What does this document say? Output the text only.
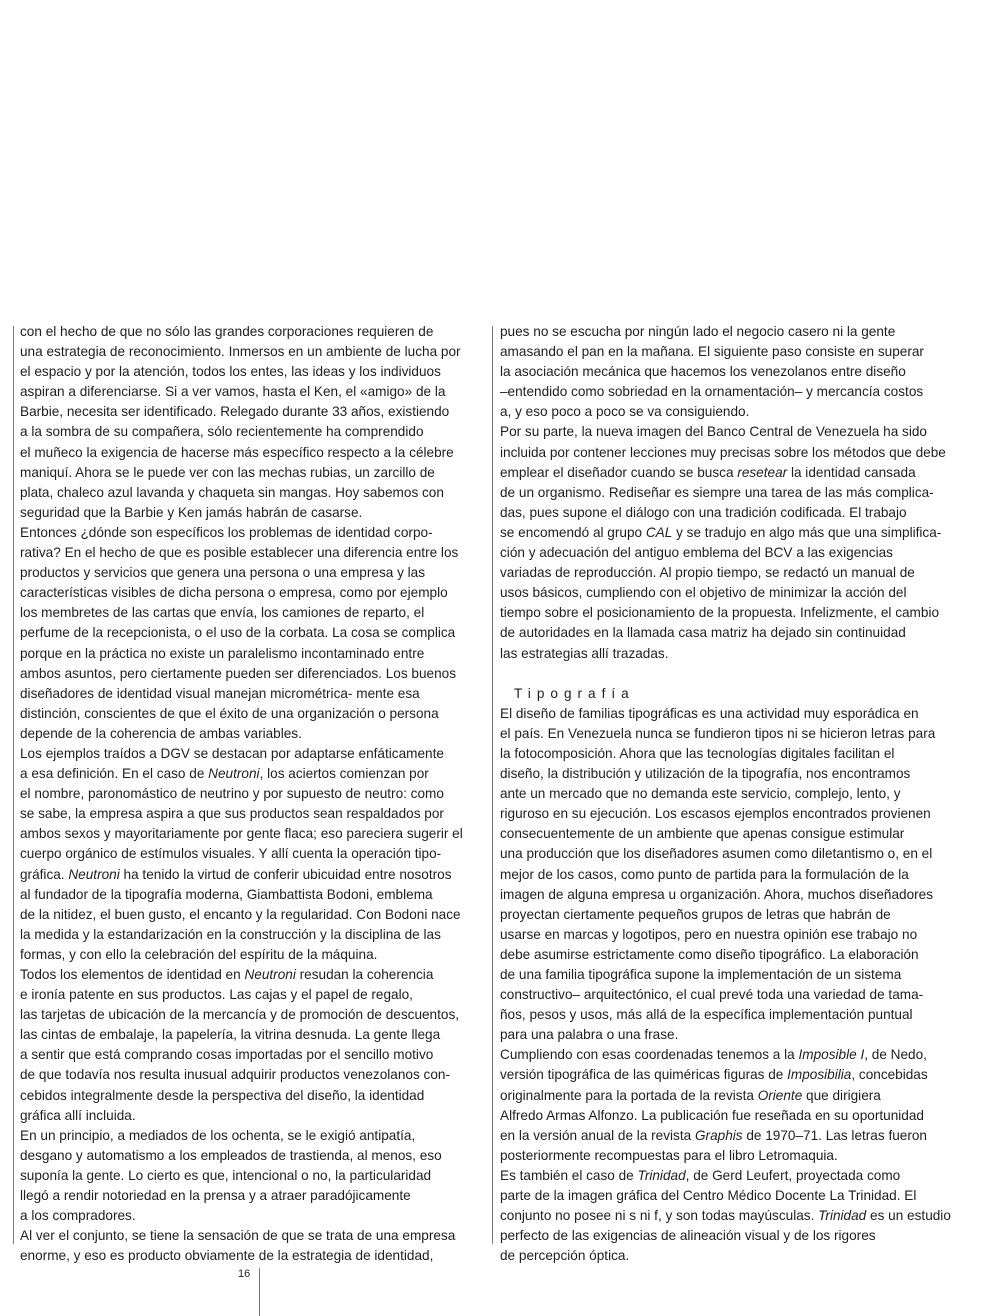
con el hecho de que no sólo las grandes corporaciones requieren de
una estrategia de reconocimiento. Inmersos en un ambiente de lucha por
el espacio y por la atención, todos los entes, las ideas y los individuos
aspiran a diferenciarse. Si a ver vamos, hasta el Ken, el «amigo» de la
Barbie, necesita ser identificado. Relegado durante 33 años, existiendo
a la sombra de su compañera, sólo recientemente ha comprendido
el muñeco la exigencia de hacerse más específico respecto a la célebre
maniquí. Ahora se le puede ver con las mechas rubias, un zarcillo de
plata, chaleco azul lavanda y chaqueta sin mangas. Hoy sabemos con
seguridad que la Barbie y Ken jamás habrán de casarse.
Entonces ¿dónde son específicos los problemas de identidad corpo-
rativa? En el hecho de que es posible establecer una diferencia entre los
productos y servicios que genera una persona o una empresa y las
características visibles de dicha persona o empresa, como por ejemplo
los membretes de las cartas que envía, los camiones de reparto, el
perfume de la recepcionista, o el uso de la corbata. La cosa se complica
porque en la práctica no existe un paralelismo incontaminado entre
ambos asuntos, pero ciertamente pueden ser diferenciados. Los buenos
diseñadores de identidad visual manejan micrométrica- mente esa
distinción, conscientes de que el éxito de una organización o persona
depende de la coherencia de ambas variables.
Los ejemplos traídos a DGV se destacan por adaptarse enfáticamente
a esa definición. En el caso de Neutroni, los aciertos comienzan por
el nombre, paronomástico de neutrino y por supuesto de neutro: como
se sabe, la empresa aspira a que sus productos sean respaldados por
ambos sexos y mayoritariamente por gente flaca; eso pareciera sugerir el
cuerpo orgánico de estímulos visuales. Y allí cuenta la operación tipo-
gráfica. Neutroni ha tenido la virtud de conferir ubicuidad entre nosotros
al fundador de la tipografía moderna, Giambattista Bodoni, emblema
de la nitidez, el buen gusto, el encanto y la regularidad. Con Bodoni nace
la medida y la estandarización en la construcción y la disciplina de las
formas, y con ello la celebración del espíritu de la máquina.
Todos los elementos de identidad en Neutroni resudan la coherencia
e ironía patente en sus productos. Las cajas y el papel de regalo,
las tarjetas de ubicación de la mercancía y de promoción de descuentos,
las cintas de embalaje, la papelería, la vitrina desnuda. La gente llega
a sentir que está comprando cosas importadas por el sencillo motivo
de que todavía nos resulta inusual adquirir productos venezolanos con-
cebidos integralmente desde la perspectiva del diseño, la identidad
gráfica allí incluida.
En un principio, a mediados de los ochenta, se le exigió antipatía,
desgano y automatismo a los empleados de trastienda, al menos, eso
suponía la gente. Lo cierto es que, intencional o no, la particularidad
llegó a rendir notoriedad en la prensa y a atraer paradójicamente
a los compradores.
Al ver el conjunto, se tiene la sensación de que se trata de una empresa
enorme, y eso es producto obviamente de la estrategia de identidad,
pues no se escucha por ningún lado el negocio casero ni la gente
amasando el pan en la mañana. El siguiente paso consiste en superar
la asociación mecánica que hacemos los venezolanos entre diseño
–entendido como sobriedad en la ornamentación– y mercancía costos
a, y eso poco a poco se va consiguiendo.
Por su parte, la nueva imagen del Banco Central de Venezuela ha sido
incluida por contener lecciones muy precisas sobre los métodos que debe
emplear el diseñador cuando se busca resetear la identidad cansada
de un organismo. Rediseñar es siempre una tarea de las más complica-
das, pues supone el diálogo con una tradición codificada. El trabajo
se encomendó al grupo CAL y se tradujo en algo más que una simplifica-
ción y adecuación del antiguo emblema del BCV a las exigencias
variadas de reproducción. Al propio tiempo, se redactó un manual de
usos básicos, cumpliendo con el objetivo de minimizar la acción del
tiempo sobre el posicionamiento de la propuesta. Infelizmente, el cambio
de autoridades en la llamada casa matriz ha dejado sin continuidad
las estrategias allí trazadas.
Tipografía
El diseño de familias tipográficas es una actividad muy esporádica en
el país. En Venezuela nunca se fundieron tipos ni se hicieron letras para
la fotocomposición. Ahora que las tecnologías digitales facilitan el
diseño, la distribución y utilización de la tipografía, nos encontramos
ante un mercado que no demanda este servicio, complejo, lento, y
riguroso en su ejecución. Los escasos ejemplos encontrados provienen
consecuentemente de un ambiente que apenas consigue estimular
una producción que los diseñadores asumen como diletantismo o, en el
mejor de los casos, como punto de partida para la formulación de la
imagen de alguna empresa u organización. Ahora, muchos diseñadores
proyectan ciertamente pequeños grupos de letras que habrán de
usarse en marcas y logotipos, pero en nuestra opinión ese trabajo no
debe asumirse estrictamente como diseño tipográfico. La elaboración
de una familia tipográfica supone la implementación de un sistema
constructivo– arquitectónico, el cual prevé toda una variedad de tama-
ños, pesos y usos, más allá de la específica implementación puntual
para una palabra o una frase.
Cumpliendo con esas coordenadas tenemos a la Imposible I, de Nedo,
versión tipográfica de las quiméricas figuras de Imposibilia, concebidas
originalmente para la portada de la revista Oriente que dirigiera
Alfredo Armas Alfonzo. La publicación fue reseñada en su oportunidad
en la versión anual de la revista Graphis de 1970–71. Las letras fueron
posteriormente recompuestas para el libro Letromaquia.
Es también el caso de Trinidad, de Gerd Leufert, proyectada como
parte de la imagen gráfica del Centro Médico Docente La Trinidad. El
conjunto no posee ni s ni f, y son todas mayúsculas. Trinidad es un estudio
perfecto de las exigencias de alineación visual y de los rigores
de percepción óptica.
16
